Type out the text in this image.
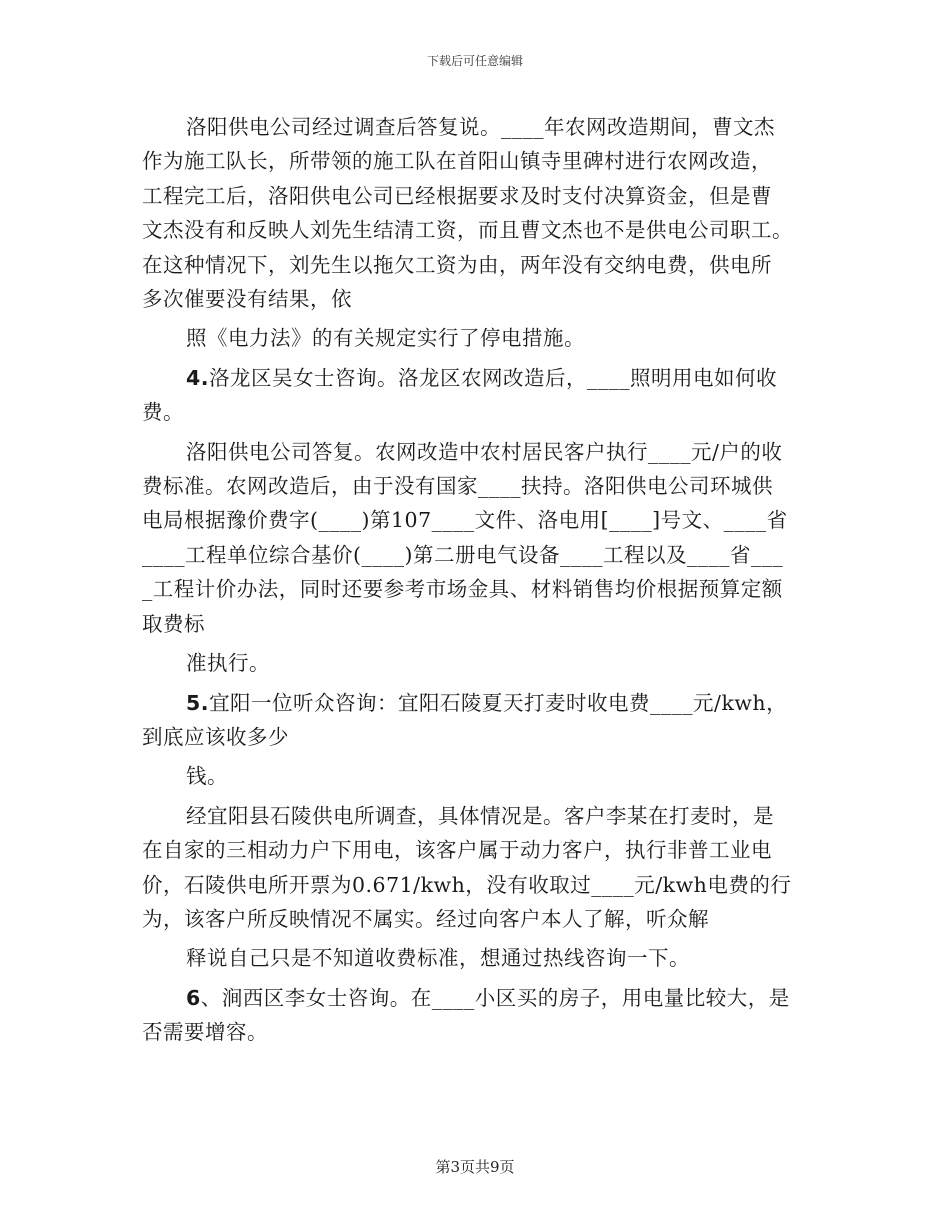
下载后可任意编辑
洛阳供电公司经过调查后答复说。____年农网改造期间，曹文杰
作为施工队长，所带领的施工队在首阳山镇寺里碑村进行农网改造，
工程完工后，洛阳供电公司已经根据要求及时支付决算资金，但是曹
文杰没有和反映人刘先生结清工资，而且曹文杰也不是供电公司职工。
在这种情况下，刘先生以拖欠工资为由，两年没有交纳电费，供电所
多次催要没有结果，依
照《电力法》的有关规定实行了停电措施。
4.洛龙区吴女士咨询。洛龙区农网改造后，____照明用电如何收
费。
洛阳供电公司答复。农网改造中农村居民客户执行____元/户的收
费标准。农网改造后，由于没有国家____扶持。洛阳供电公司环城供
电局根据豫价费字(____)第107____文件、洛电用[____]号文、____省
____工程单位综合基价(____)第二册电气设备____工程以及____省___
_工程计价办法，同时还要参考市场金具、材料销售均价根据预算定额
取费标
准执行。
5.宜阳一位听众咨询：宜阳石陵夏天打麦时收电费____元/kwh，
到底应该收多少
钱。
经宜阳县石陵供电所调查，具体情况是。客户李某在打麦时，是
在自家的三相动力户下用电，该客户属于动力客户，执行非普工业电
价，石陵供电所开票为0.671/kwh，没有收取过____元/kwh电费的行
为，该客户所反映情况不属实。经过向客户本人了解，听众解
释说自己只是不知道收费标准，想通过热线咨询一下。
6、涧西区李女士咨询。在____小区买的房子，用电量比较大，是
否需要增容。
第3页共9页
